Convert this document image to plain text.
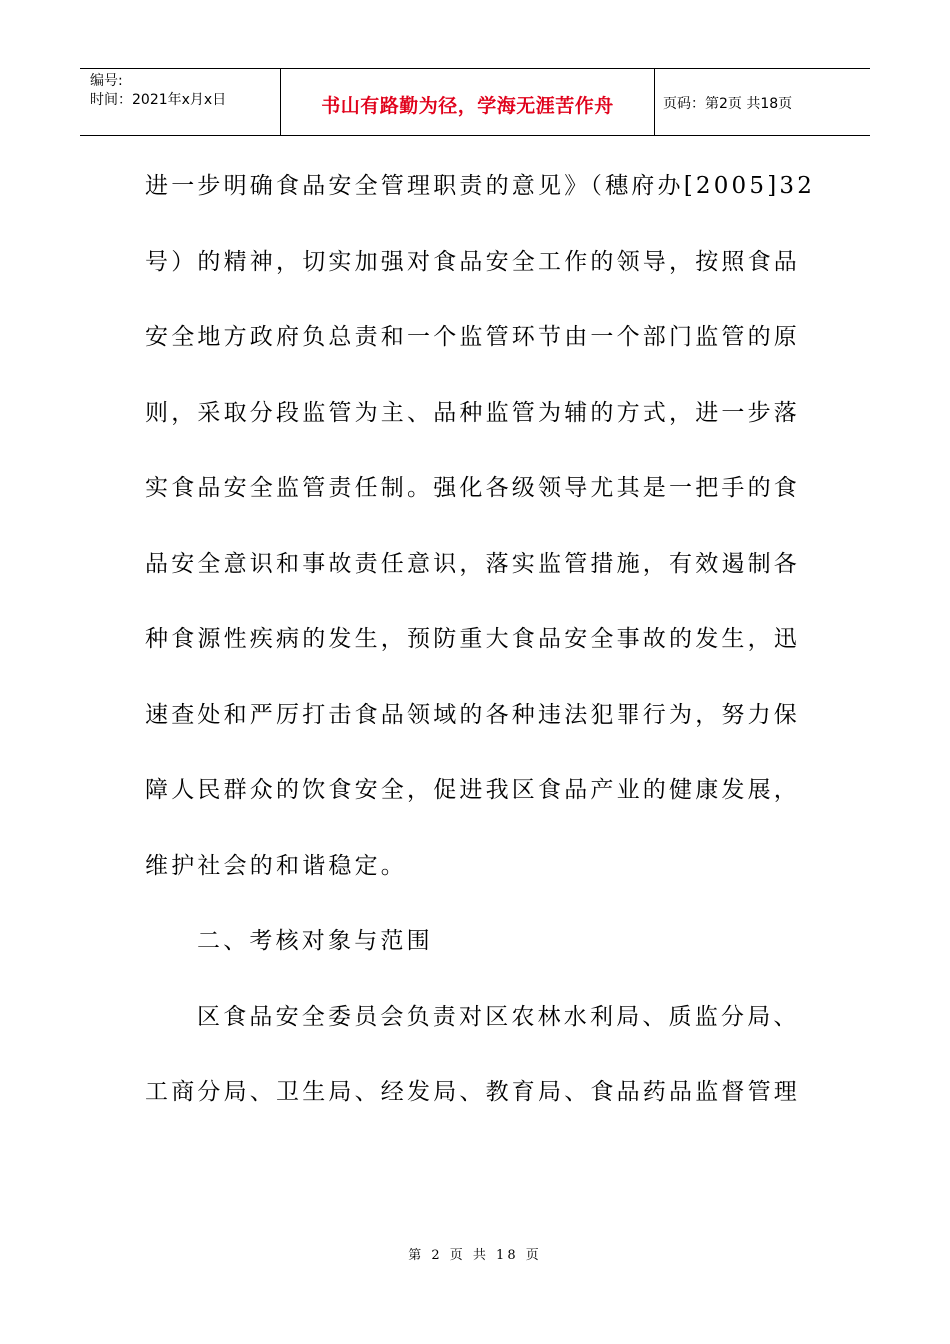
编号:
时间：2021年x月x日	书山有路勤为径，学海无涯苦作舟	页码：第2页 共18页
进一步明确食品安全管理职责的意见》（穗府办[2005]32
号）的精神，切实加强对食品安全工作的领导，按照食品
安全地方政府负总责和一个监管环节由一个部门监管的原
则，采取分段监管为主、品种监管为辅的方式，进一步落
实食品安全监管责任制。强化各级领导尤其是一把手的食
品安全意识和事故责任意识，落实监管措施，有效遏制各
种食源性疾病的发生，预防重大食品安全事故的发生，迅
速查处和严厉打击食品领域的各种违法犯罪行为，努力保
障人民群众的饮食安全，促进我区食品产业的健康发展，
维护社会的和谐稳定。
二、考核对象与范围
区食品安全委员会负责对区农林水利局、质监分局、
工商分局、卫生局、经发局、教育局、食品药品监督管理
第 2 页 共 18 页
